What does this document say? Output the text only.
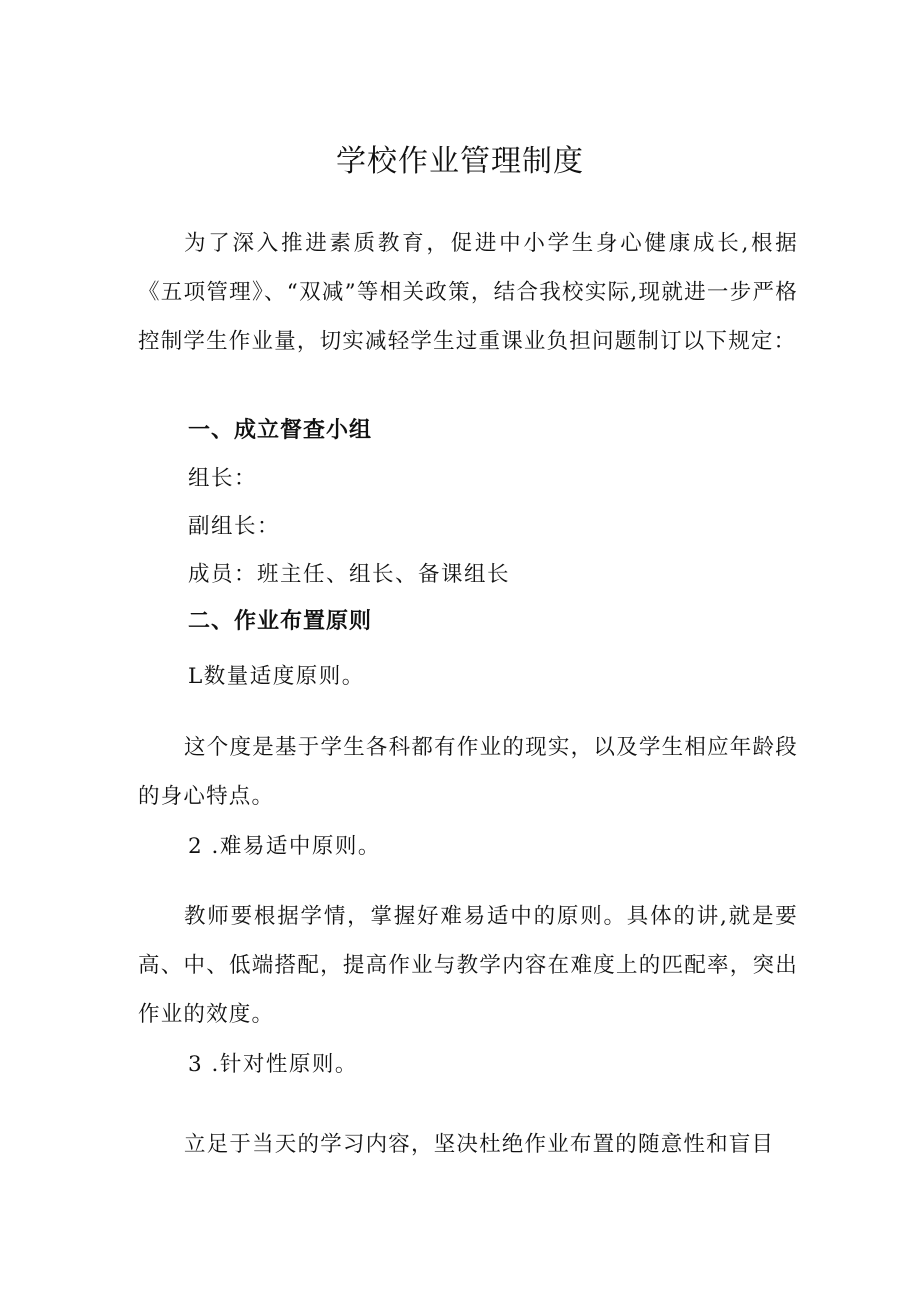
学校作业管理制度

为了深入推进素质教育，促进中小学生身心健康成长,根据《五项管理》、“双减”等相关政策，结合我校实际,现就进一步严格控制学生作业量，切实减轻学生过重课业负担问题制订以下规定：

一、成立督查小组

组长：

副组长：

成员：班主任、组长、备课组长

二、作业布置原则

L数量适度原则。

这个度是基于学生各科都有作业的现实，以及学生相应年龄段的身心特点。

2 .难易适中原则。

教师要根据学情，掌握好难易适中的原则。具体的讲,就是要高、中、低端搭配，提高作业与教学内容在难度上的匹配率，突出作业的效度。

3 .针对性原则。

立足于当天的学习内容，坚决杜绝作业布置的随意性和盲目
